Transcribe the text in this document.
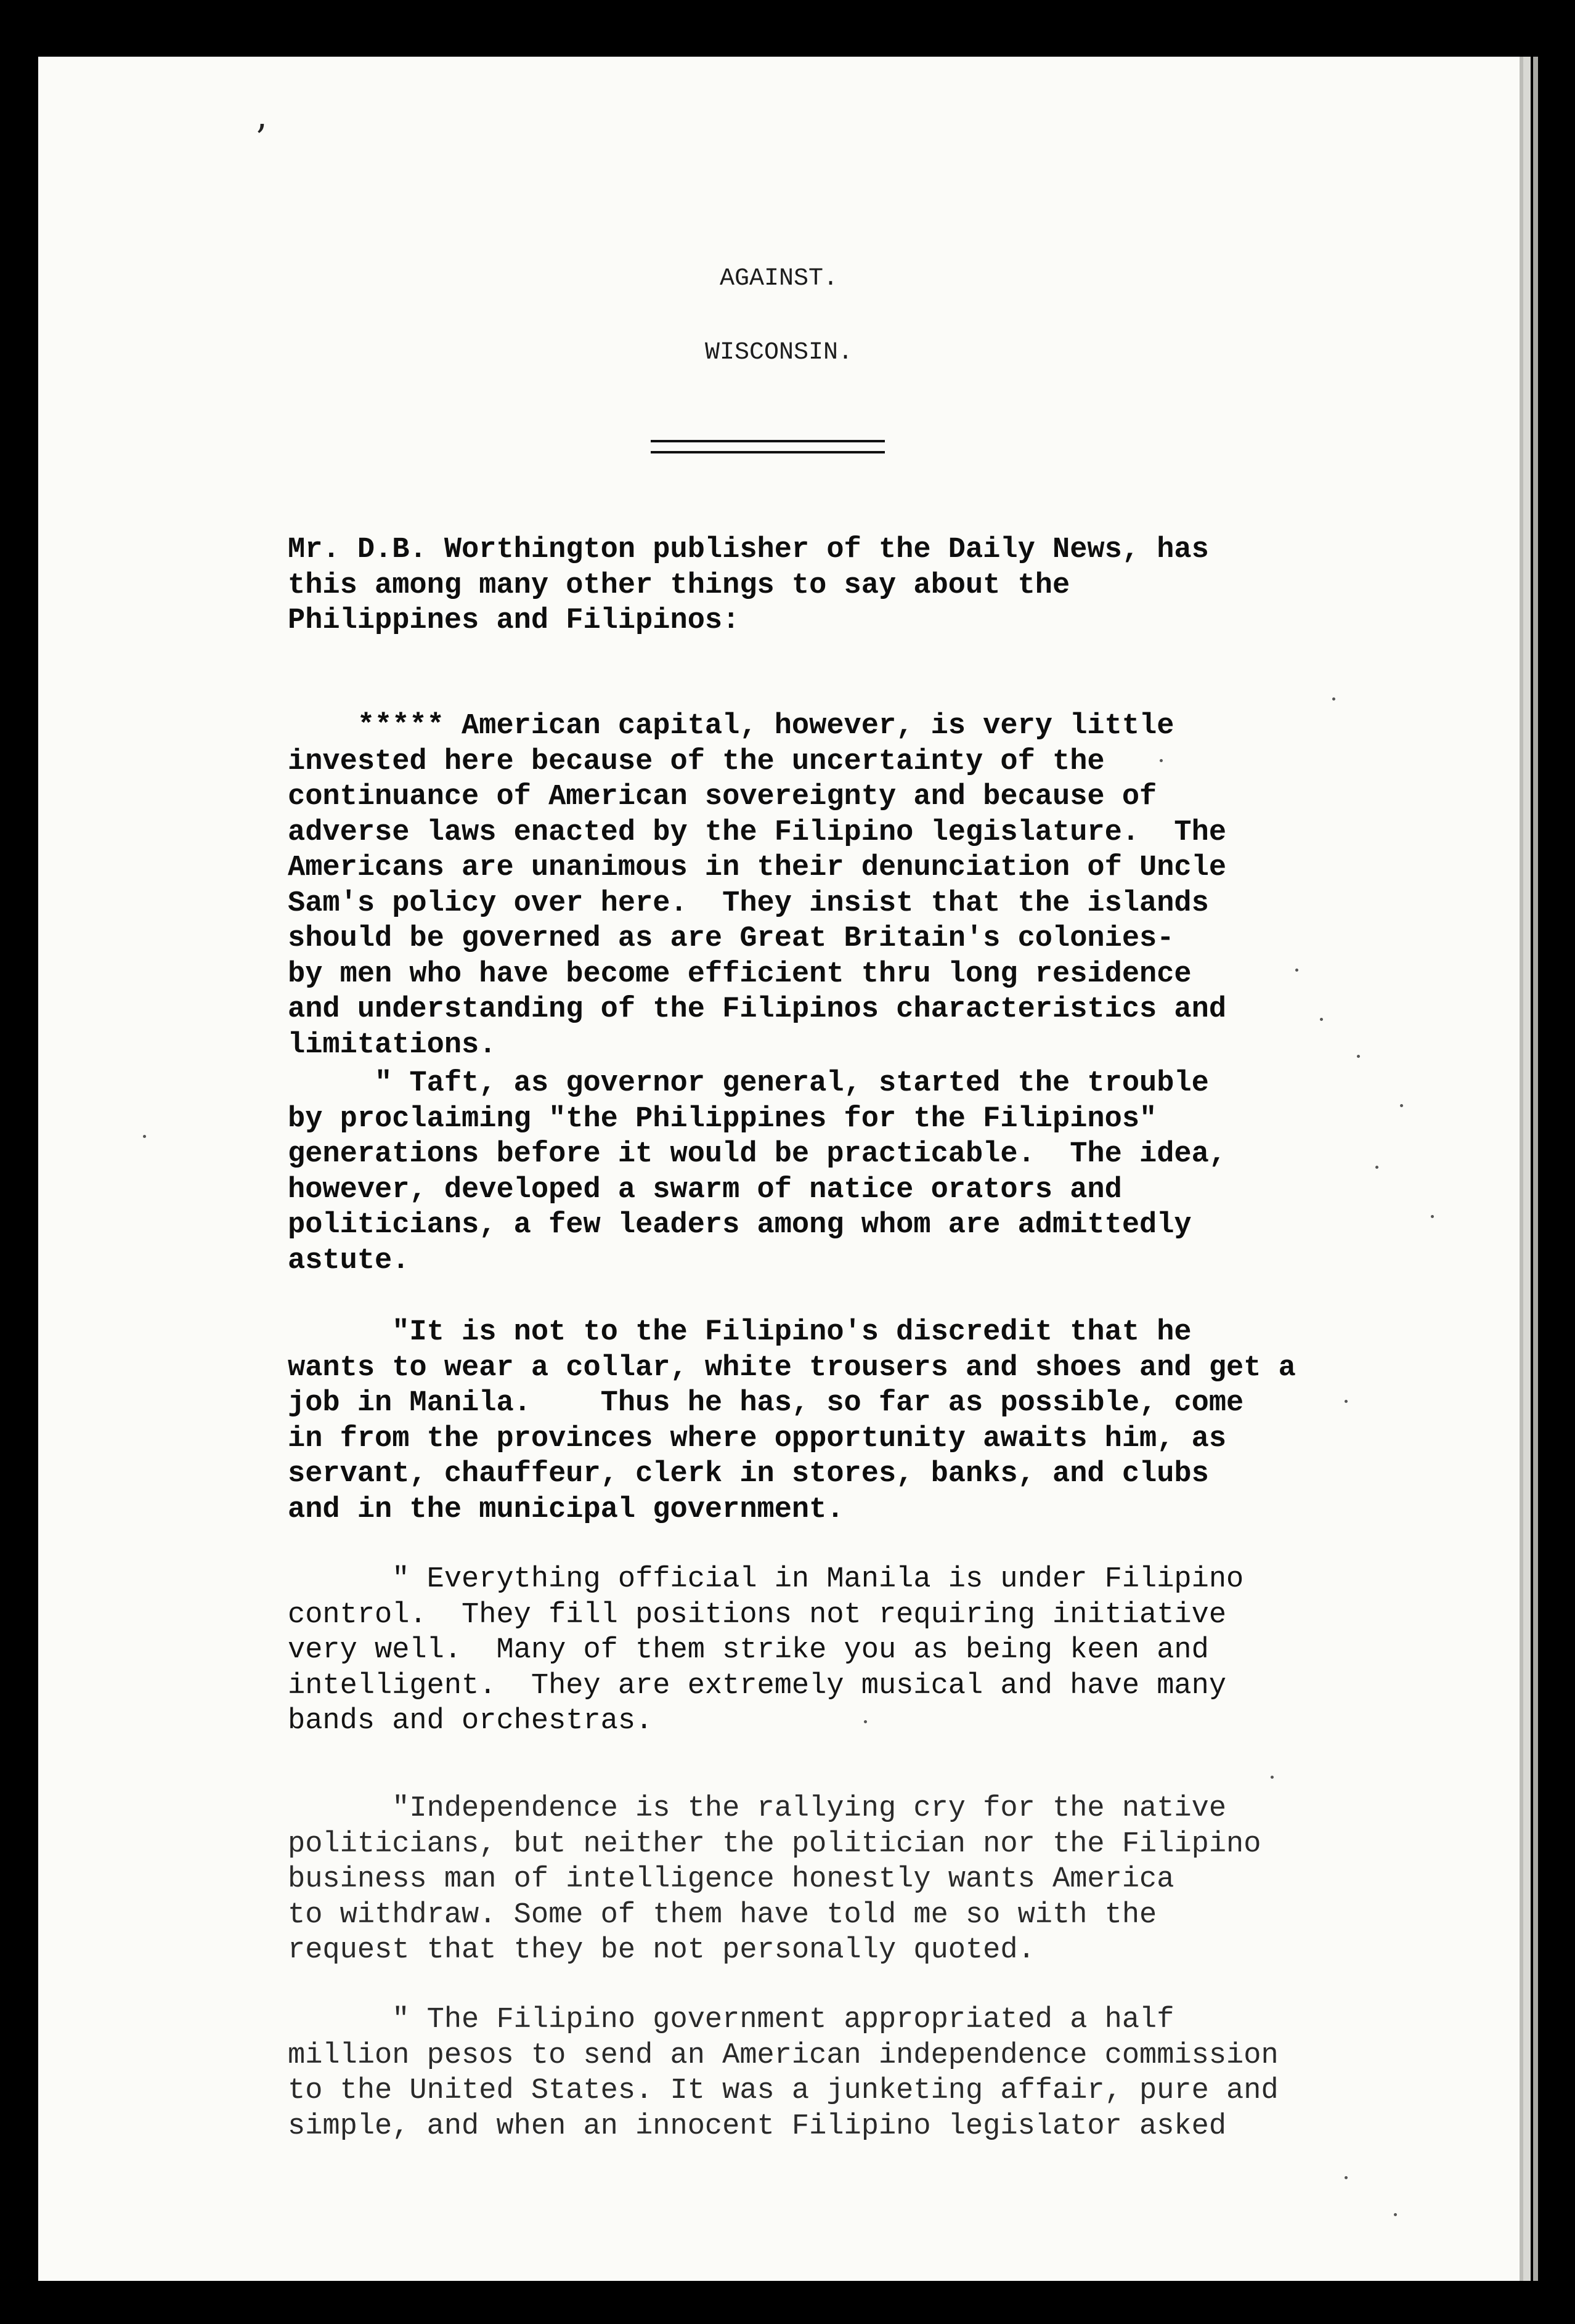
’
AGAINST.
WISCONSIN.
Mr. D.B. Worthington publisher of the Daily News, has
this among many other things to say about the
Philippines and Filipinos:
***** American capital, however, is very little
invested here because of the uncertainty of the
continuance of American sovereignty and because of
adverse laws enacted by the Filipino legislature.  The
Americans are unanimous in their denunciation of Uncle
Sam's policy over here.  They insist that the islands
should be governed as are Great Britain's colonies-
by men who have become efficient thru long residence
and understanding of the Filipinos characteristics and
limitations.
" Taft, as governor general, started the trouble
by proclaiming "the Philippines for the Filipinos"
generations before it would be practicable.  The idea,
however, developed a swarm of natice orators and
politicians, a few leaders among whom are admittedly
astute.
"It is not to the Filipino's discredit that he
wants to wear a collar, white trousers and shoes and get a
job in Manila.    Thus he has, so far as possible, come
in from the provinces where opportunity awaits him, as
servant, chauffeur, clerk in stores, banks, and clubs
and in the municipal government.
" Everything official in Manila is under Filipino
control.  They fill positions not requiring initiative
very well.  Many of them strike you as being keen and
intelligent.  They are extremely musical and have many
bands and orchestras.
"Independence is the rallying cry for the native
politicians, but neither the politician nor the Filipino
business man of intelligence honestly wants America
to withdraw. Some of them have told me so with the
request that they be not personally quoted.
" The Filipino government appropriated a half
million pesos to send an American independence commission
to the United States. It was a junketing affair, pure and
simple, and when an innocent Filipino legislator asked
